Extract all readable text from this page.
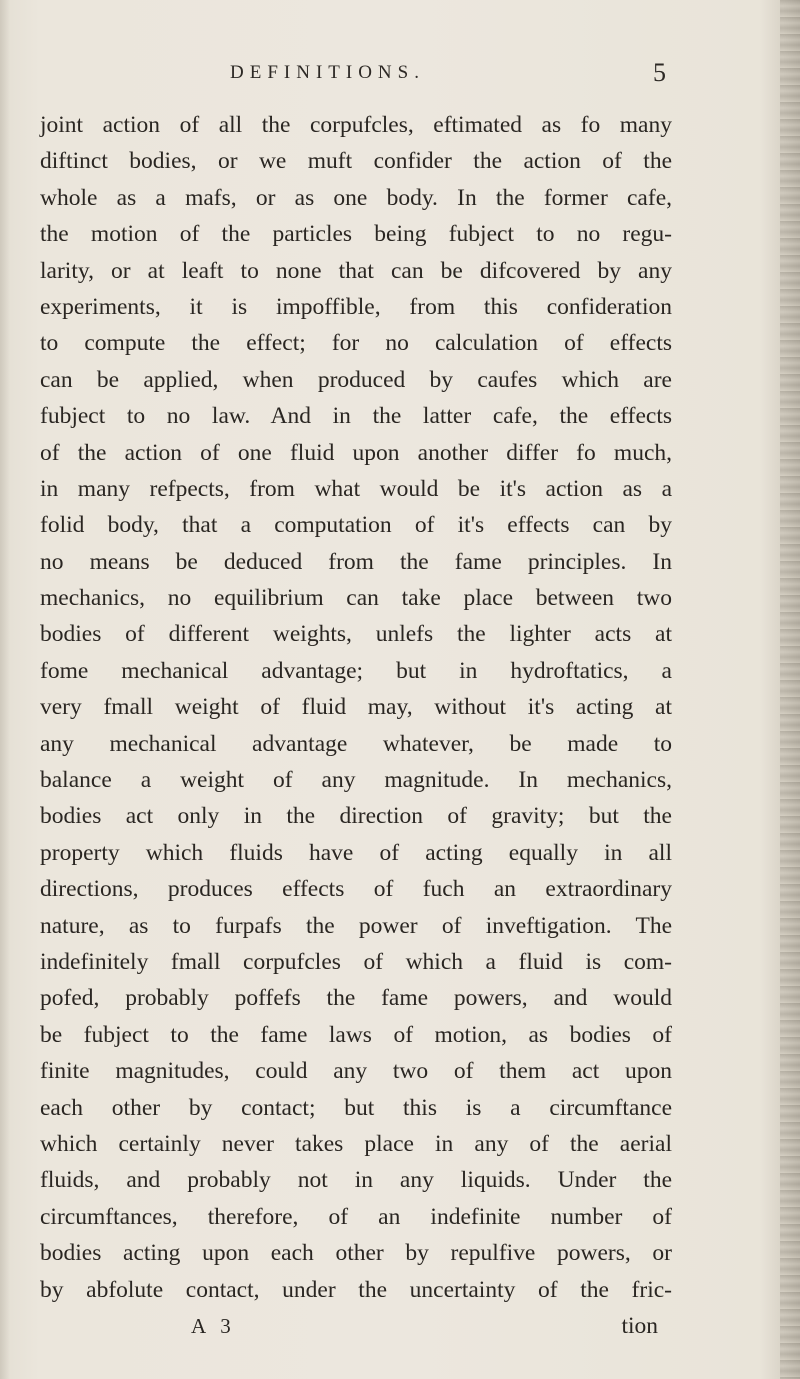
DEFINITIONS.	5
joint action of all the corpufcles, eftimated as fo many
diftinct bodies, or we muft confider the action of the
whole as a mafs, or as one body. In the former cafe,
the motion of the particles being fubject to no regu-
larity, or at leaft to none that can be difcovered by any
experiments, it is impoffible, from this confideration
to compute the effect; for no calculation of effects
can be applied, when produced by caufes which are
fubject to no law. And in the latter cafe, the effects
of the action of one fluid upon another differ fo much,
in many refpects, from what would be it's action as a
folid body, that a computation of it's effects can by
no means be deduced from the fame principles. In
mechanics, no equilibrium can take place between two
bodies of different weights, unlefs the lighter acts at
fome mechanical advantage; but in hydroftatics, a
very fmall weight of fluid may, without it's acting at
any mechanical advantage whatever, be made to
balance a weight of any magnitude. In mechanics,
bodies act only in the direction of gravity; but the
property which fluids have of acting equally in all
directions, produces effects of fuch an extraordinary
nature, as to furpafs the power of inveftigation. The
indefinitely fmall corpufcles of which a fluid is com-
pofed, probably poffefs the fame powers, and would
be fubject to the fame laws of motion, as bodies of
finite magnitudes, could any two of them act upon
each other by contact; but this is a circumftance
which certainly never takes place in any of the aerial
fluids, and probably not in any liquids. Under the
circumftances, therefore, of an indefinite number of
bodies acting upon each other by repulfive powers, or
by abfolute contact, under the uncertainty of the fric-
A 3	tion
